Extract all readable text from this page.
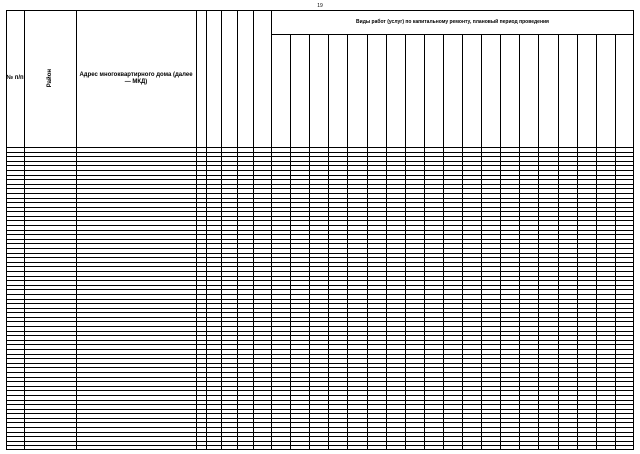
19
№ п/п	Район	Адрес многоквартирного дома (далее — МКД)
Виды работ (услуг) по капитальному ремонту, плановый период проведения
